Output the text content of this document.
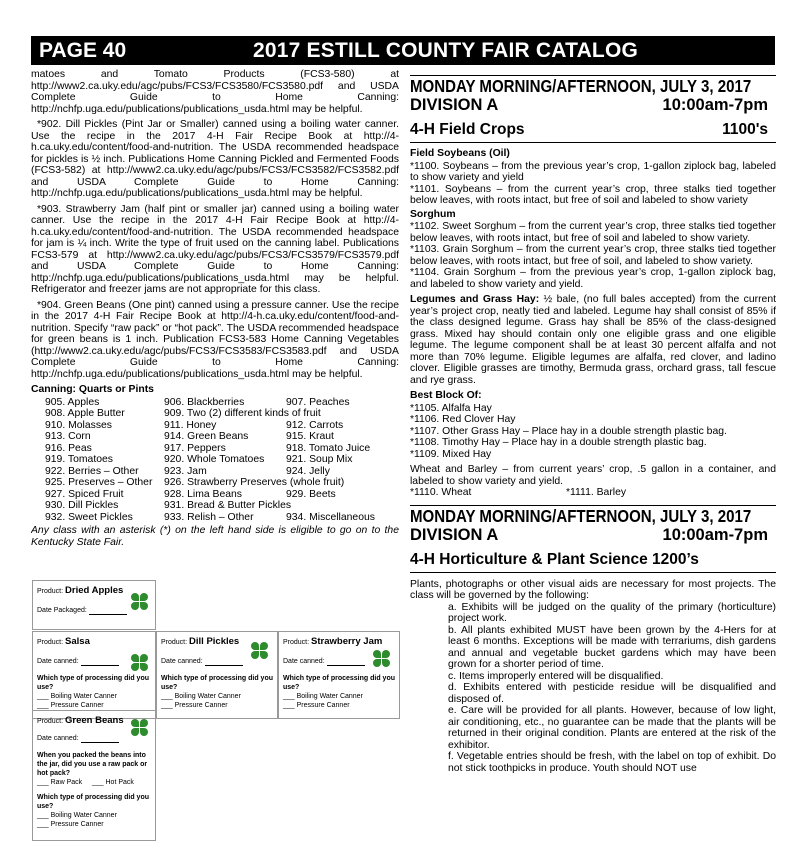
PAGE 40	2017 ESTILL COUNTY FAIR CATALOG

matoes and Tomato Products (FCS3-580) at http://www2.ca.uky.edu/agc/pubs/FCS3/FCS3580/FCS3580.pdf and USDA Complete Guide to Home Canning: http://nchfp.uga.edu/publications/publications_usda.html may be helpful.

*902. Dill Pickles (Pint Jar or Smaller) canned using a boiling water canner. Use the recipe in the 2017 4-H Fair Recipe Book at http://4-h.ca.uky.edu/content/food-and-nutrition. The USDA recommended headspace for pickles is ½ inch. Publications Home Canning Pickled and Fermented Foods (FCS3-582) at http://www2.ca.uky.edu/agc/pubs/FCS3/FCS3582/FCS3582.pdf and USDA Complete Guide to Home Canning: http://nchfp.uga.edu/publications/publications_usda.html may be helpful.

*903. Strawberry Jam (half pint or smaller jar) canned using a boiling water canner. Use the recipe in the 2017 4-H Fair Recipe Book at http://4-h.ca.uky.edu/content/food-and-nutrition. The USDA recommended headspace for jam is ¼ inch. Write the type of fruit used on the canning label. Publications FCS3-579 at http://www2.ca.uky.edu/agc/pubs/FCS3/FCS3579/FCS3579.pdf and USDA Complete Guide to Home Canning: http://nchfp.uga.edu/publications/publications_usda.html may be helpful. Refrigerator and freezer jams are not appropriate for this class.

*904. Green Beans (One pint) canned using a pressure canner. Use the recipe in the 2017 4-H Fair Recipe Book at http://4-h.ca.uky.edu/content/food-and-nutrition. Specify “raw pack” or “hot pack”. The USDA recommended headspace for green beans is 1 inch. Publication FCS3-583 Home Canning Vegetables (http://www2.ca.uky.edu/agc/pubs/FCS3/FCS3583/FCS3583.pdf and USDA Complete Guide to Home Canning: http://nchfp.uga.edu/publications/publications_usda.html may be helpful.

Canning: Quarts or Pints
905. Apples	906. Blackberries	907. Peaches
908. Apple Butter	909. Two (2) different kinds of fruit
910. Molasses	911. Honey	912. Carrots
913. Corn	914. Green Beans	915. Kraut
916. Peas	917. Peppers	918. Tomato Juice
919. Tomatoes	920. Whole Tomatoes	921. Soup Mix
922. Berries – Other	923. Jam	924. Jelly
925. Preserves – Other	926. Strawberry Preserves (whole fruit)
927. Spiced Fruit	928. Lima Beans	929. Beets
930. Dill Pickles	931. Bread & Butter Pickles
932. Sweet Pickles	933. Relish – Other	934. Miscellaneous

Any class with an asterisk (*) on the left hand side is eligible to go on to the Kentucky State Fair.

Product: Dried Apples
Date Packaged:
Product: Salsa
Date canned:
Which type of processing did you use?
___ Boiling Water Canner
___ Pressure Canner
Product: Dill Pickles
Date canned:
Which type of processing did you use?
___ Boiling Water Canner
___ Pressure Canner
Product: Strawberry Jam
Date canned:
Which type of processing did you use?
___ Boiling Water Canner
___ Pressure Canner
Product: Green Beans
Date canned:
When you packed the beans into the jar, did you use a raw pack or hot pack?
___ Raw Pack     ___ Hot Pack
Which type of processing did you use?
___ Boiling Water Canner
___ Pressure Canner
MONDAY MORNING/AFTERNOON, JULY 3, 2017
DIVISION A	10:00am-7pm
4-H Field Crops	1100's
Field Soybeans (Oil)

*1100. Soybeans – from the previous year’s crop, 1-gallon ziplock bag, labeled to show variety and yield

*1101. Soybeans – from the current year’s crop, three stalks tied together below leaves, with roots intact, but free of soil and labeled to show variety

Sorghum

*1102. Sweet Sorghum – from the current year’s crop, three stalks tied together below leaves, with roots intact, but free of soil and labeled to show variety.

*1103. Grain Sorghum – from the current year’s crop, three stalks tied together below leaves, with roots intact, but free of soil, and labeled to show variety.

*1104. Grain Sorghum – from the previous year’s crop, 1-gallon ziplock bag, and labeled to show variety and yield.

Legumes and Grass Hay: ½ bale, (no full bales accepted) from the current year’s project crop, neatly tied and labeled. Legume hay shall consist of 85% if the class designed legume. Grass hay shall be 85% of the class-designed grass. Mixed hay should contain only one eligible grass and one eligible legume. The legume component shall be at least 30 percent alfalfa and not more than 70% legume. Eligible legumes are alfalfa, red clover, and ladino clover. Eligible grasses are timothy, Bermuda grass, orchard grass, tall fescue and rye grass.

Best Block Of:

*1105. Alfalfa Hay

*1106. Red Clover Hay

*1107. Other Grass Hay – Place hay in a double strength plastic bag.

*1108. Timothy Hay – Place hay in a double strength plastic bag.

*1109. Mixed Hay

Wheat and Barley – from current years’ crop, .5 gallon in a container, and labeled to show variety and yield.

*1110. Wheat	*1111. Barley
MONDAY MORNING/AFTERNOON, JULY 3, 2017
DIVISION A	10:00am-7pm
4-H Horticulture & Plant Science 1200’s

Plants, photographs or other visual aids are necessary for most projects. The class will be governed by the following:

a. Exhibits will be judged on the quality of the primary (horticulture) project work.

b. All plants exhibited MUST have been grown by the 4-Hers for at least 6 months. Exceptions will be made with terrariums, dish gardens and annual and vegetable bucket gardens which may have been grown for a shorter period of time.

c. Items improperly entered will be disqualified.

d. Exhibits entered with pesticide residue will be disqualified and disposed of.

e. Care will be provided for all plants. However, because of low light, air conditioning, etc., no guarantee can be made that the plants will be returned in their original condition. Plants are entered at the risk of the exhibitor.

f. Vegetable entries should be fresh, with the label on top of exhibit. Do not stick toothpicks in produce. Youth should NOT use
